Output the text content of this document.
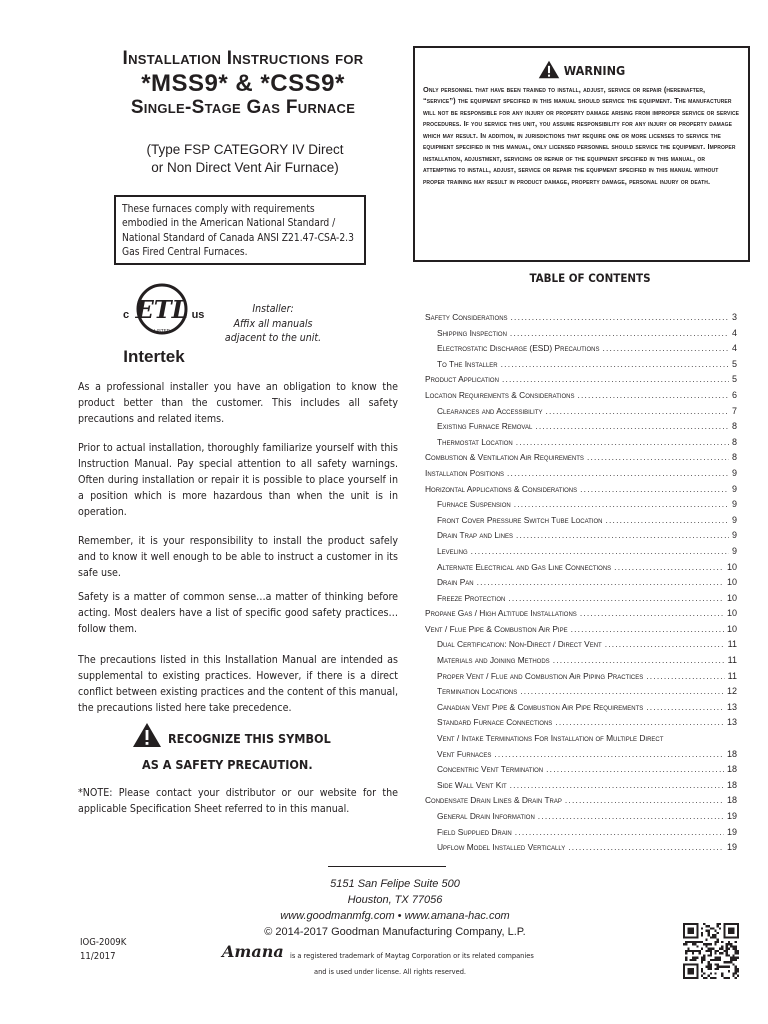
Installation Instructions for
*MSS9* & *CSS9*
Single-Stage Gas Furnace
(Type FSP CATEGORY IV Direct
or Non Direct Vent Air Furnace)
These furnaces comply with requirements embodied in the American National Standard / National Standard of Canada ANSI Z21.47-CSA-2.3 Gas Fired Central Furnaces.
ETL
c	us
LISTED
Intertek
Installer:
Affix all manuals
adjacent to the unit.
As a professional installer you have an obligation to know the product better than the customer. This includes all safety precautions and related items.
Prior to actual installation, thoroughly familiarize yourself with this Instruction Manual. Pay special attention to all safety warnings. Often during installation or repair it is possible to place yourself in a position which is more hazardous than when the unit is in operation.
Remember, it is your responsibility to install the product safely and to know it well enough to be able to instruct a customer in its safe use.
Safety is a matter of common sense…a matter of thinking before acting. Most dealers have a list of specific good safety practices…follow them.
The precautions listed in this Installation Manual are intended as supplemental to existing practices. However, if there is a direct conflict between existing practices and the content of this manual, the precautions listed here take precedence.
RECOGNIZE THIS SYMBOL
AS A SAFETY PRECAUTION.
*NOTE: Please contact your distributor or our website for the applicable Specification Sheet referred to in this manual.
WARNING
Only personnel that have been trained to install, adjust, service or repair (hereinafter, “service”) the equipment specified in this manual should service the equipment. The manufacturer will not be responsible for any injury or property damage arising from improper service or service procedures. If you service this unit, you assume responsibility for any injury or property damage which may result. In addition, in jurisdictions that require one or more licenses to service the equipment specified in this manual, only licensed personnel should service the equipment. Improper installation, adjustment, servicing or repair of the equipment specified in this manual, or attempting to install, adjust, service or repair the equipment specified in this manual without proper training may result in product damage, property damage, personal injury or death.
TABLE OF CONTENTS
Safety Considerations .....	3
Shipping Inspection .....	4
Electrostatic Discharge (ESD) Precautions .....	4
To The Installer .....	5
Product Application .....	5
Location Requirements & Considerations .....	6
Clearances and Accessibility .....	7
Existing Furnace Removal .....	8
Thermostat Location .....	8
Combustion & Ventilation Air Requirements .....	8
Installation Positions .....	9
Horizontal Applications & Considerations .....	9
Furnace Suspension .....	9
Front Cover Pressure Switch Tube Location .....	9
Drain Trap and Lines .....	9
Leveling .....	9
Alternate Electrical and Gas Line Connections .....	10
Drain Pan .....	10
Freeze Protection .....	10
Propane Gas / High Altitude Installations .....	10
Vent / Flue Pipe & Combustion Air Pipe .....	10
Dual Certification: Non-Direct / Direct Vent .....	11
Materials and Joining Methods .....	11
Proper Vent / Flue and Combustion Air Piping Practices .....	11
Termination Locations .....	12
Canadian Vent Pipe & Combustion Air Pipe Requirements .....	13
Standard Furnace Connections .....	13
Vent / Intake Terminations For Installation of Multiple Direct
Vent Furnaces .....	18
Concentric Vent Termination .....	18
Side Wall Vent Kit .....	18
Condensate Drain Lines & Drain Trap .....	18
General Drain Information .....	19
Field Supplied Drain .....	19
Upflow Model Installed Vertically .....	19
5151 San Felipe Suite 500
Houston, TX 77056
www.goodmanmfg.com • www.amana-hac.com
© 2014-2017 Goodman Manufacturing Company, L.P.
IOG-2009K
11/2017	Amana is a registered trademark of Maytag Corporation or its related companies
and is used under license. All rights reserved.
